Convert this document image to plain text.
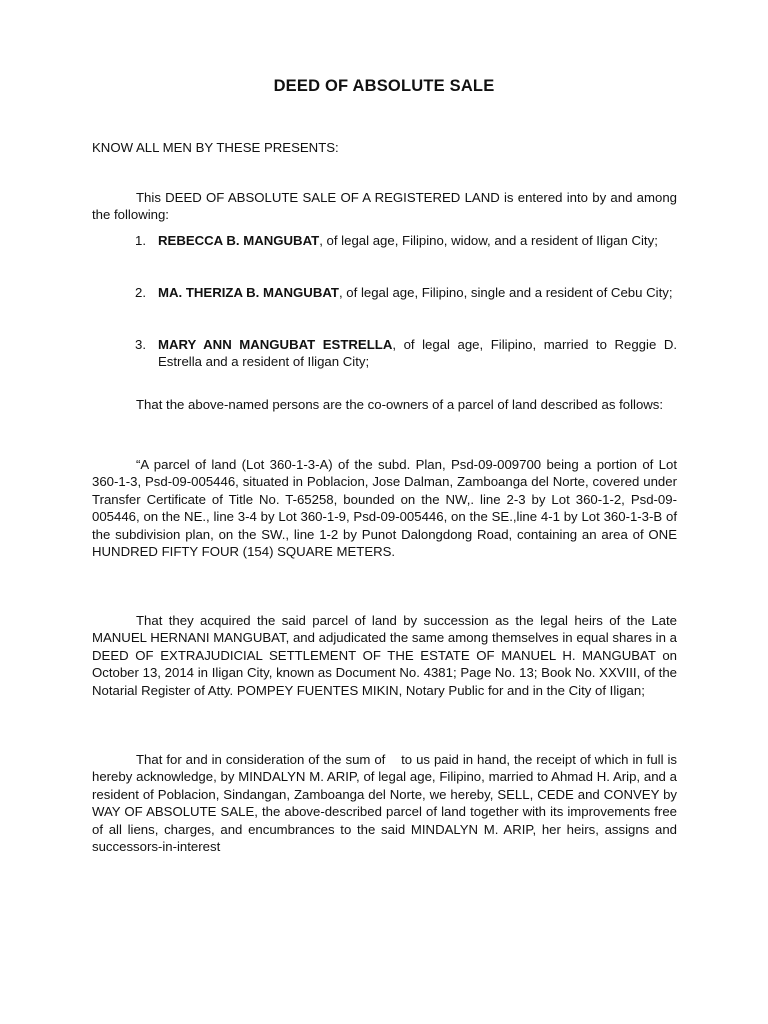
DEED OF ABSOLUTE SALE
KNOW ALL MEN BY THESE PRESENTS:
This DEED OF ABSOLUTE SALE OF A REGISTERED LAND is entered into by and among the following:
1. REBECCA B. MANGUBAT, of legal age, Filipino, widow, and a resident of Iligan City;
2. MA. THERIZA B. MANGUBAT, of legal age, Filipino, single and a resident of Cebu City;
3. MARY ANN MANGUBAT ESTRELLA, of legal age, Filipino, married to Reggie D. Estrella and a resident of Iligan City;
That the above-named persons are the co-owners of a parcel of land described as follows:
“A parcel of land (Lot 360-1-3-A) of the subd. Plan, Psd-09-009700 being a portion of Lot 360-1-3, Psd-09-005446, situated in Poblacion, Jose Dalman, Zamboanga del Norte, covered under Transfer Certificate of Title No. T-65258, bounded on the NW,. line 2-3 by Lot 360-1-2, Psd-09-005446, on the NE., line 3-4 by Lot 360-1-9, Psd-09-005446, on the SE.,line 4-1 by Lot 360-1-3-B of the subdivision plan, on the SW., line 1-2 by Punot Dalongdong Road, containing an area of ONE HUNDRED FIFTY FOUR (154) SQUARE METERS.
That they acquired the said parcel of land by succession as the legal heirs of the Late MANUEL HERNANI MANGUBAT, and adjudicated the same among themselves in equal shares in a DEED OF EXTRAJUDICIAL SETTLEMENT OF THE ESTATE OF MANUEL H. MANGUBAT on October 13, 2014 in Iligan City, known as Document No. 4381; Page No. 13; Book No. XXVIII, of the Notarial Register of Atty. POMPEY FUENTES MIKIN, Notary Public for and in the City of Iligan;
That for and in consideration of the sum of    to us paid in hand, the receipt of which in full is hereby acknowledge, by MINDALYN M. ARIP, of legal age, Filipino, married to Ahmad H. Arip, and a resident of Poblacion, Sindangan, Zamboanga del Norte, we hereby, SELL, CEDE and CONVEY by WAY OF ABSOLUTE SALE, the above-described parcel of land together with its improvements free of all liens, charges, and encumbrances to the said MINDALYN M. ARIP, her heirs, assigns and successors-in-interest
